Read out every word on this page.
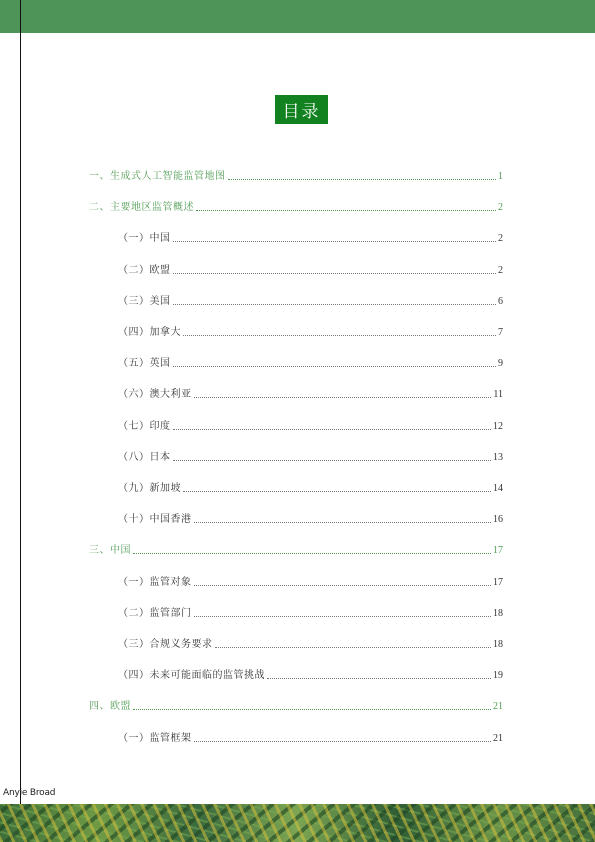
目录
一、生成式人工智能监管地图	1
二、主要地区监管概述	2
（一）中国	2
（二）欧盟	2
（三）美国	6
（四）加拿大	7
（五）英国	9
（六）澳大利亚	11
（七）印度	12
（八）日本	13
（九）新加坡	14
（十）中国香港	16
三、中国	17
（一）监管对象	17
（二）监管部门	18
（三）合规义务要求	18
（四）未来可能面临的监管挑战	19
四、欧盟	21
（一）监管框架	21
Anyie Broad
